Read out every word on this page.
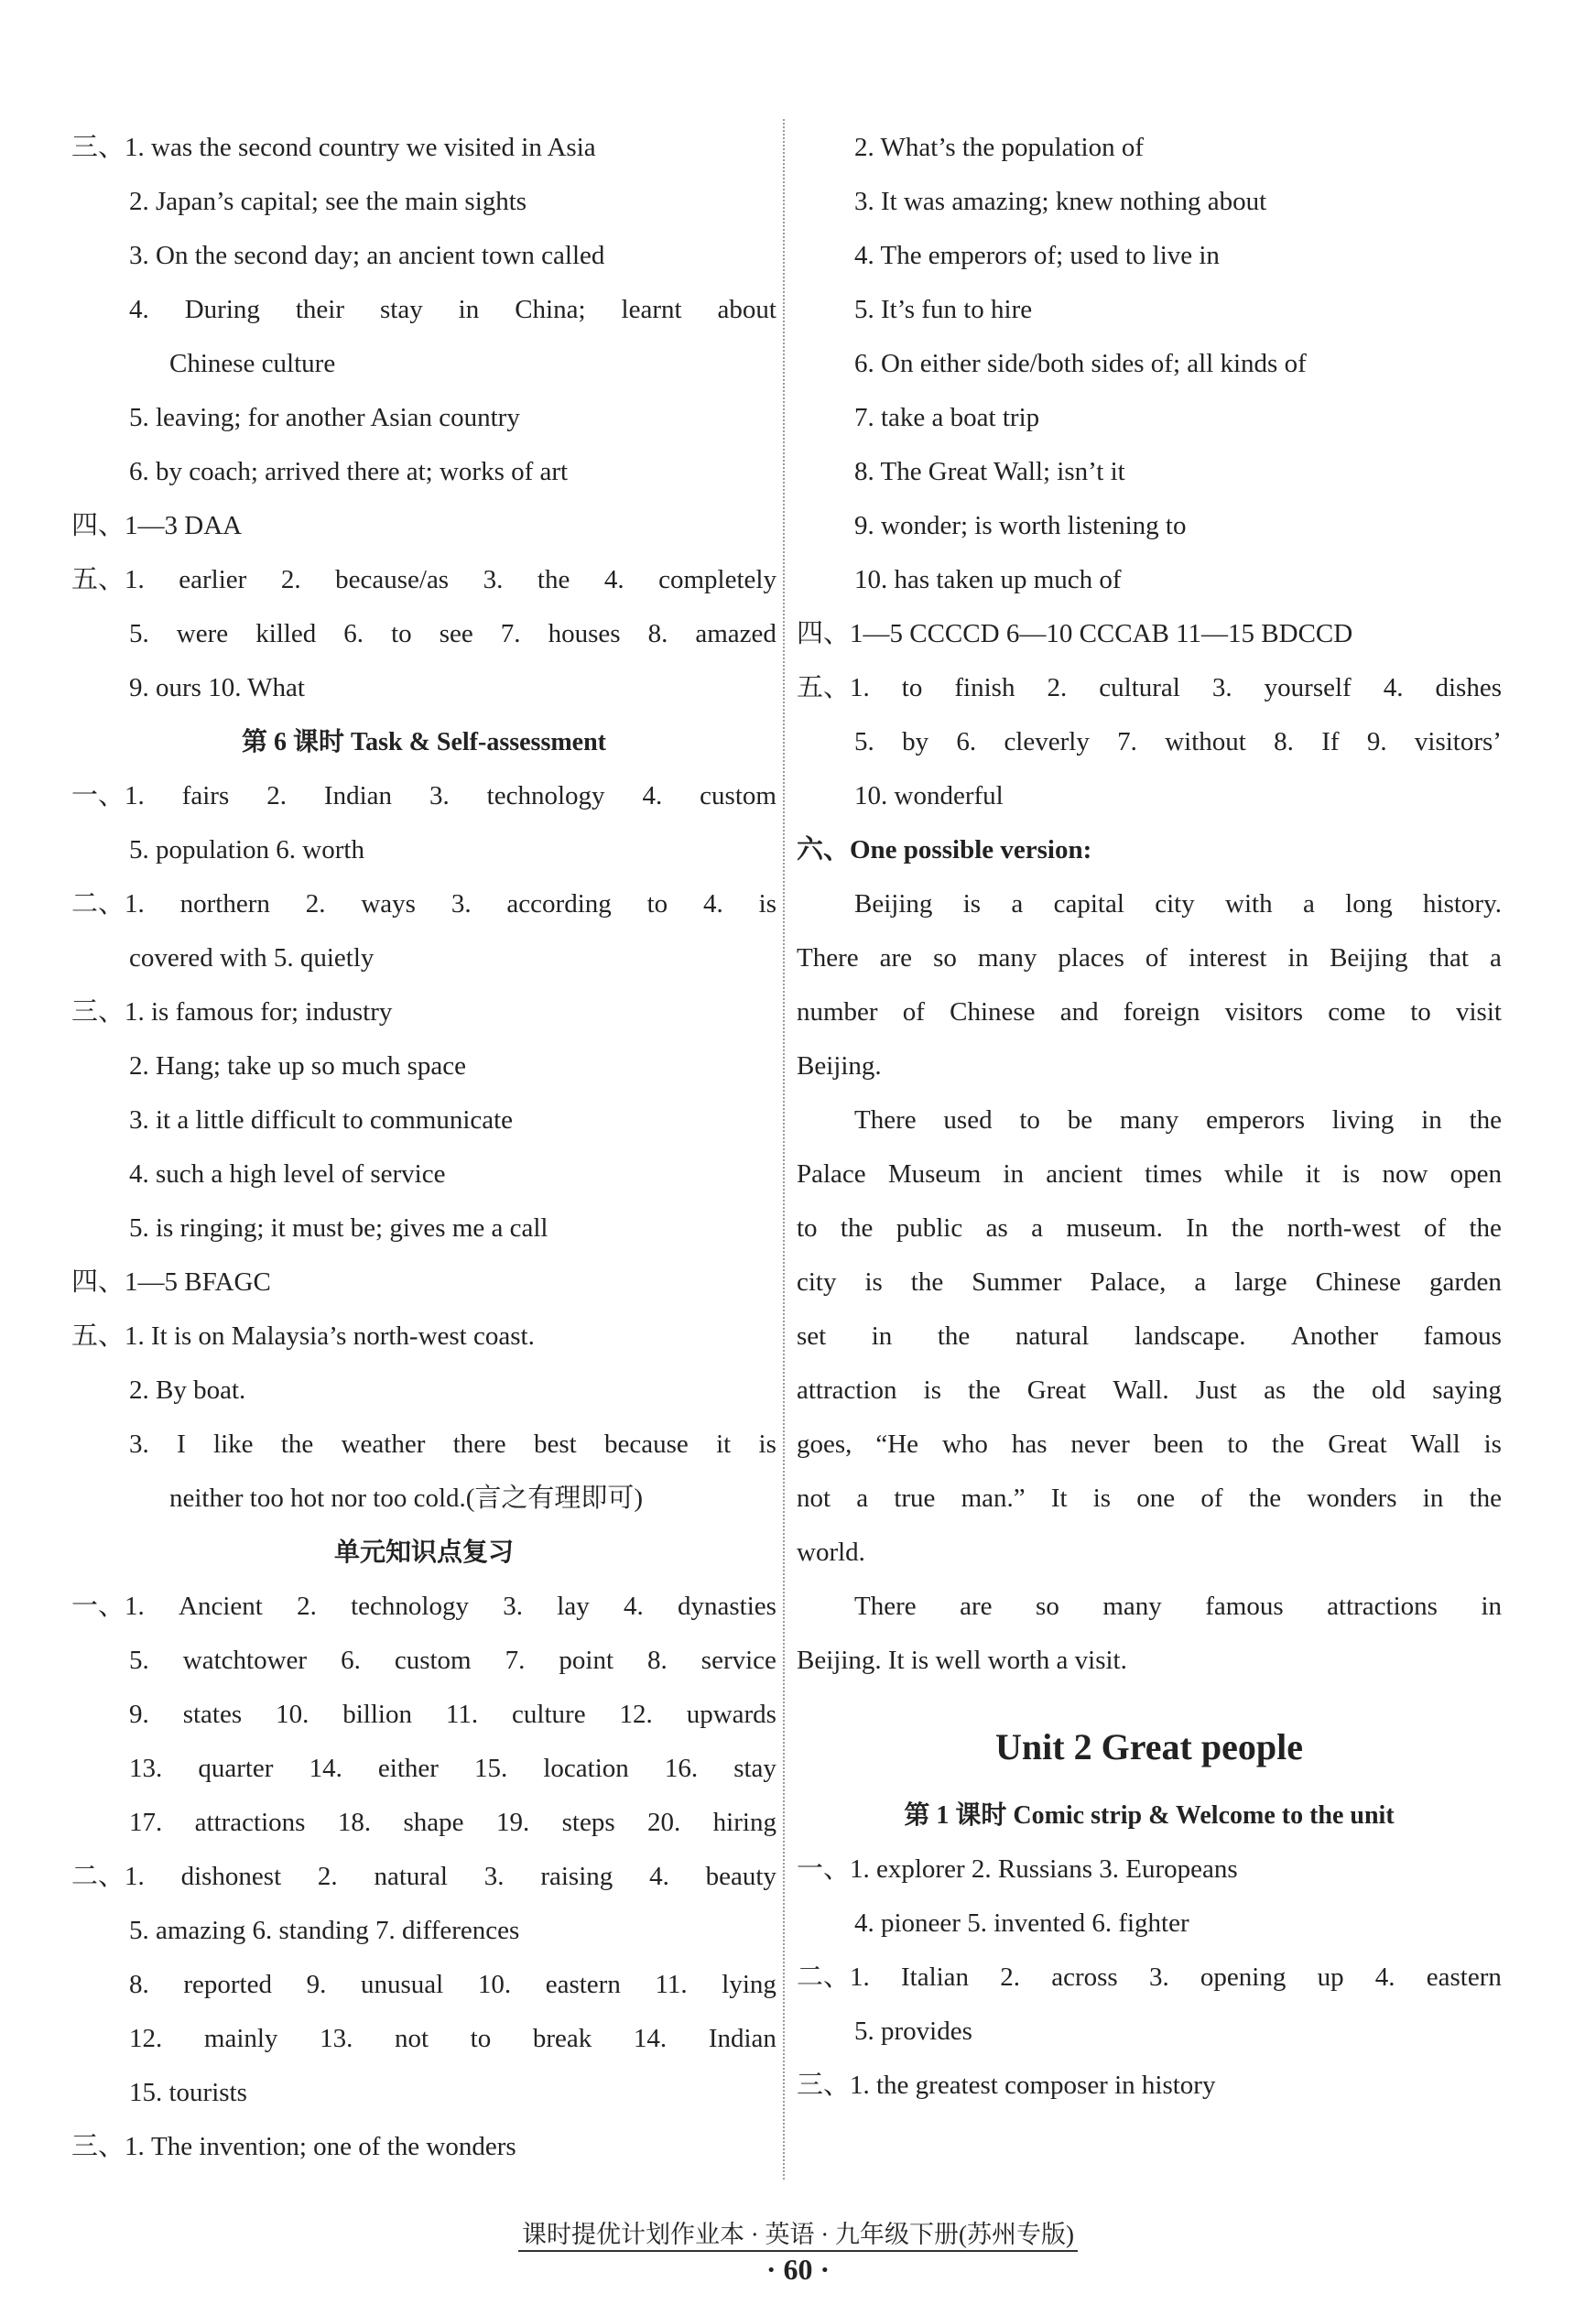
三、1. was the second country we visited in Asia
2. Japan’s capital; see the main sights
3. On the second day; an ancient town called
4. During their stay in China; learnt about
Chinese culture
5. leaving; for another Asian country
6. by coach; arrived there at; works of art
四、1—3 DAA
五、1. earlier 2. because/as 3. the 4. completely
5. were killed 6. to see 7. houses 8. amazed
9. ours 10. What
第 6 课时 Task & Self-assessment
一、1. fairs 2. Indian 3. technology 4. custom
5. population 6. worth
二、1. northern 2. ways 3. according to 4. is
covered with 5. quietly
三、1. is famous for; industry
2. Hang; take up so much space
3. it a little difficult to communicate
4. such a high level of service
5. is ringing; it must be; gives me a call
四、1—5 BFAGC
五、1. It is on Malaysia’s north-west coast.
2. By boat.
3. I like the weather there best because it is
neither too hot nor too cold.(言之有理即可)
单元知识点复习
一、1. Ancient 2. technology 3. lay 4. dynasties
5. watchtower 6. custom 7. point 8. service
9. states 10. billion 11. culture 12. upwards
13. quarter 14. either 15. location 16. stay
17. attractions 18. shape 19. steps 20. hiring
二、1. dishonest 2. natural 3. raising 4. beauty
5. amazing 6. standing 7. differences
8. reported 9. unusual 10. eastern 11. lying
12. mainly 13. not to break 14. Indian
15. tourists
三、1. The invention; one of the wonders
2. What’s the population of
3. It was amazing; knew nothing about
4. The emperors of; used to live in
5. It’s fun to hire
6. On either side/both sides of; all kinds of
7. take a boat trip
8. The Great Wall; isn’t it
9. wonder; is worth listening to
10. has taken up much of
四、1—5 CCCCD 6—10 CCCAB 11—15 BDCCD
五、1. to finish 2. cultural 3. yourself 4. dishes
5. by 6. cleverly 7. without 8. If 9. visitors’
10. wonderful
六、One possible version:
Beijing is a capital city with a long history.
There are so many places of interest in Beijing that a
number of Chinese and foreign visitors come to visit
Beijing.
There used to be many emperors living in the
Palace Museum in ancient times while it is now open
to the public as a museum. In the north-west of the
city is the Summer Palace, a large Chinese garden
set in the natural landscape. Another famous
attraction is the Great Wall. Just as the old saying
goes, “He who has never been to the Great Wall is
not a true man.” It is one of the wonders in the
world.
There are so many famous attractions in
Beijing. It is well worth a visit.
Unit 2 Great people
第 1 课时 Comic strip & Welcome to the unit
一、1. explorer 2. Russians 3. Europeans
4. pioneer 5. invented 6. fighter
二、1. Italian 2. across 3. opening up 4. eastern
5. provides
三、1. the greatest composer in history
课时提优计划作业本 · 英语 · 九年级下册(苏州专版)
· 60 ·
